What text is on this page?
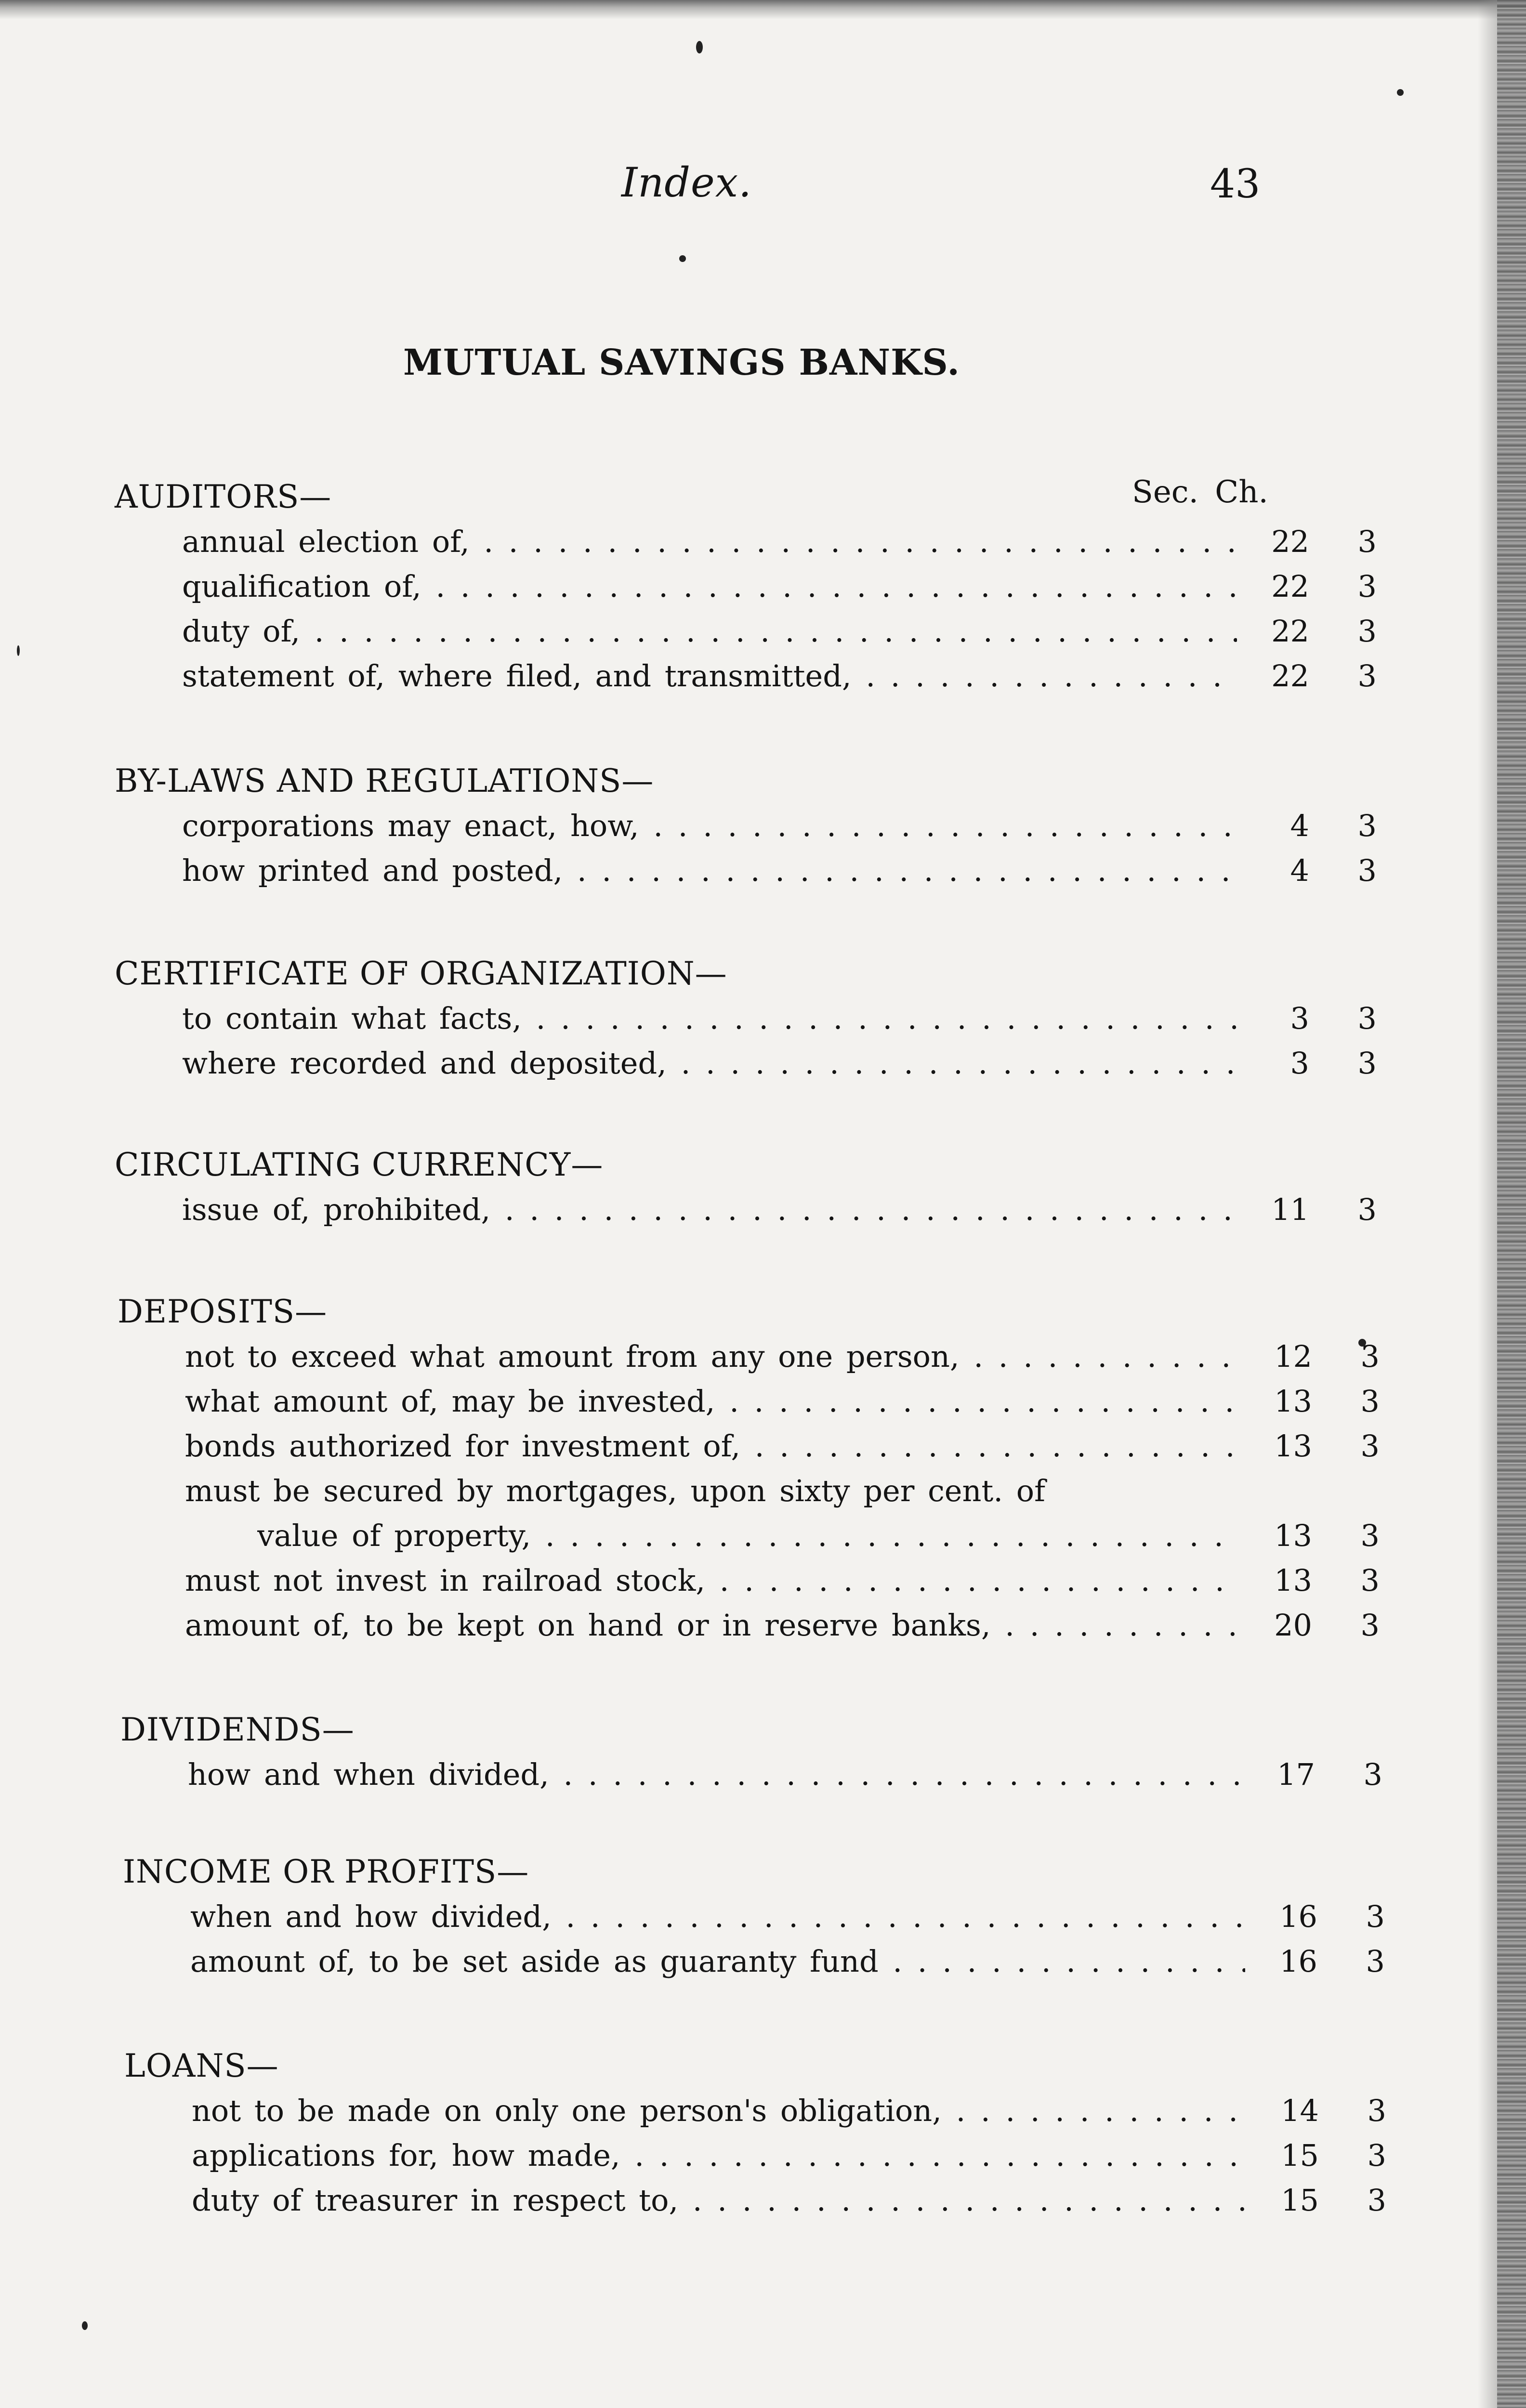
Index.	43
MUTUAL SAVINGS BANKS.
Sec. Ch.
AUDITORS—
annual election of, . . .	22	3
qualification of, . . .	22	3
duty of, . . .	22	3
statement of, where filed, and transmitted, . . .	22	3
BY-LAWS AND REGULATIONS—
corporations may enact, how, . . .	4	3
how printed and posted, . . .	4	3
CERTIFICATE OF ORGANIZATION—
to contain what facts, . . .	3	3
where recorded and deposited, . . .	3	3
CIRCULATING CURRENCY—
issue of, prohibited, . . .	11	3
DEPOSITS—
not to exceed what amount from any one person, . . .	12	3
what amount of, may be invested, . . .	13	3
bonds authorized for investment of, . . .	13	3
must be secured by mortgages, upon sixty per cent. of
value of property, . . .	13	3
must not invest in railroad stock, . . .	13	3
amount of, to be kept on hand or in reserve banks, . . .	20	3
DIVIDENDS—
how and when divided, . . .	17	3
INCOME OR PROFITS—
when and how divided, . . .	16	3
amount of, to be set aside as guaranty fund . . .	16	3
LOANS—
not to be made on only one person's obligation, . . .	14	3
applications for, how made, . . .	15	3
duty of treasurer in respect to, . . .	15	3
